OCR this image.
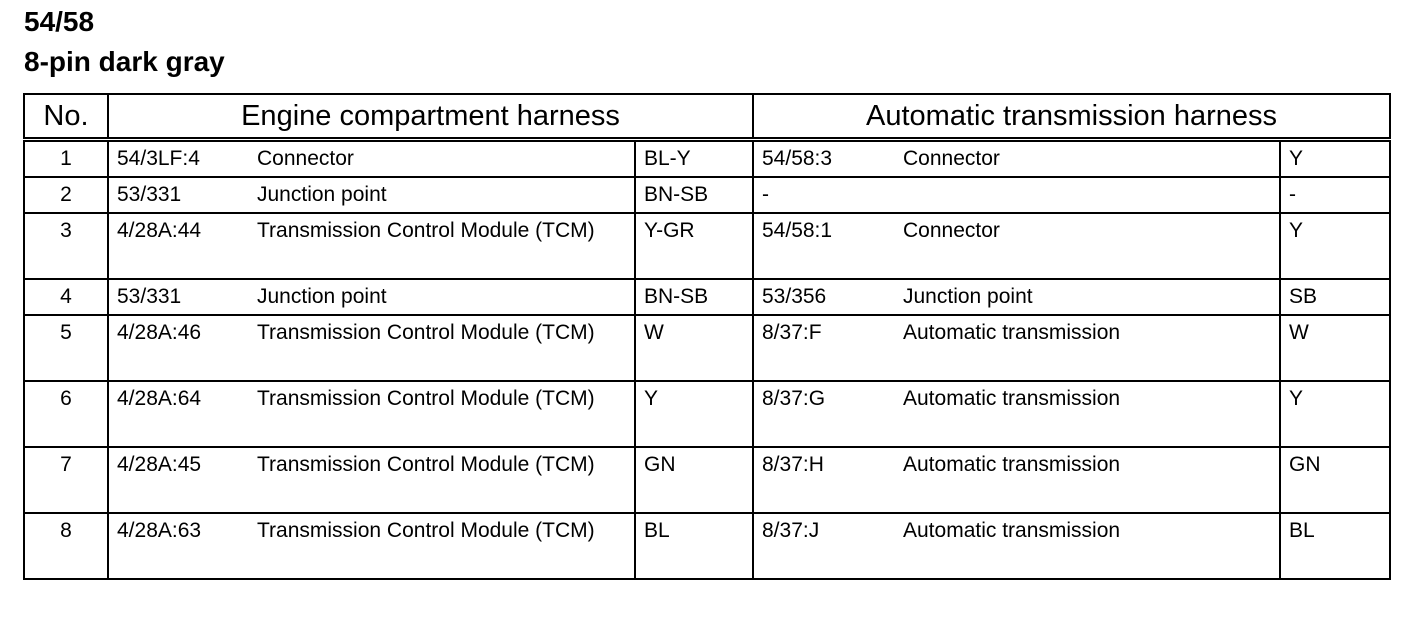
54/58
8-pin dark gray
No.	Engine compartment harness			Automatic transmission harness		
1	54/3LF:4	Connector	BL-Y	54/58:3	Connector	Y
2	53/331	Junction point	BN-SB	-		-
3	4/28A:44	Transmission Control Module (TCM)	Y-GR	54/58:1	Connector	Y
4	53/331	Junction point	BN-SB	53/356	Junction point	SB
5	4/28A:46	Transmission Control Module (TCM)	W	8/37:F	Automatic transmission	W
6	4/28A:64	Transmission Control Module (TCM)	Y	8/37:G	Automatic transmission	Y
7	4/28A:45	Transmission Control Module (TCM)	GN	8/37:H	Automatic transmission	GN
8	4/28A:63	Transmission Control Module (TCM)	BL	8/37:J	Automatic transmission	BL
